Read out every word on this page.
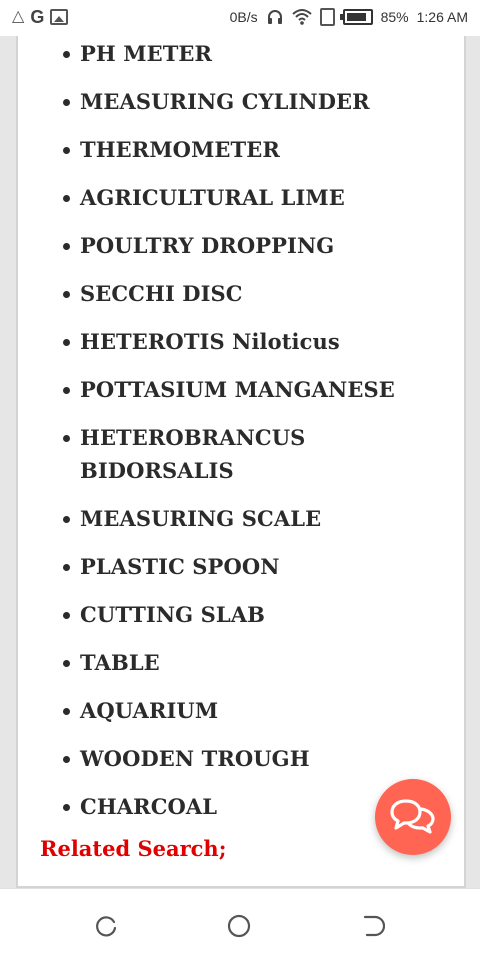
△ G	0B/s	85% 1:26 AM
PH METER
MEASURING CYLINDER
THERMOMETER
AGRICULTURAL LIME
POULTRY DROPPING
SECCHI DISC
HETEROTIS Niloticus
POTTASIUM MANGANESE
HETEROBRANCUS BIDORSALIS
MEASURING SCALE
PLASTIC SPOON
CUTTING SLAB
TABLE
AQUARIUM
WOODEN TROUGH
CHARCOAL
Related Search;
